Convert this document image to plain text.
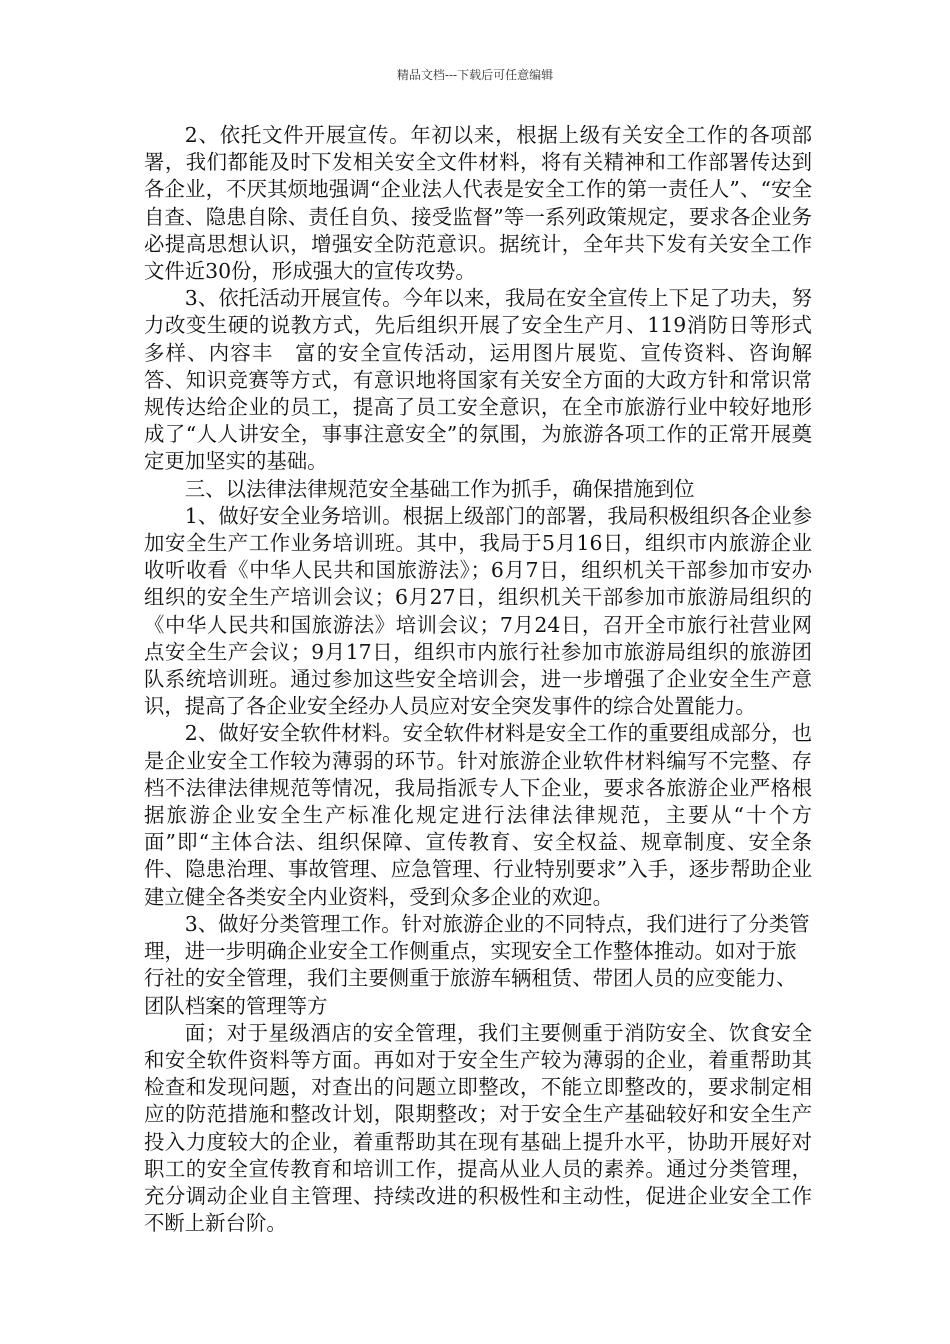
精品文档---下载后可任意编辑

2、依托文件开展宣传。年初以来，根据上级有关安全工作的各项部署，我们都能及时下发相关安全文件材料，将有关精神和工作部署传达到各企业，不厌其烦地强调“企业法人代表是安全工作的第一责任人”、“安全自查、隐患自除、责任自负、接受监督”等一系列政策规定，要求各企业务必提高思想认识，增强安全防范意识。据统计，全年共下发有关安全工作文件近30份，形成强大的宣传攻势。

3、依托活动开展宣传。今年以来，我局在安全宣传上下足了功夫，努力改变生硬的说教方式，先后组织开展了安全生产月、119消防日等形式多样、内容丰　富的安全宣传活动，运用图片展览、宣传资料、咨询解答、知识竞赛等方式，有意识地将国家有关安全方面的大政方针和常识常规传达给企业的员工，提高了员工安全意识，在全市旅游行业中较好地形成了“人人讲安全，事事注意安全”的氛围，为旅游各项工作的正常开展奠定更加坚实的基础。

三、以法律法律规范安全基础工作为抓手，确保措施到位

1、做好安全业务培训。根据上级部门的部署，我局积极组织各企业参加安全生产工作业务培训班。其中，我局于5月16日，组织市内旅游企业收听收看《中华人民共和国旅游法》；6月7日，组织机关干部参加市安办组织的安全生产培训会议；6月27日，组织机关干部参加市旅游局组织的《中华人民共和国旅游法》培训会议；7月24日，召开全市旅行社营业网点安全生产会议；9月17日，组织市内旅行社参加市旅游局组织的旅游团队系统培训班。通过参加这些安全培训会，进一步增强了企业安全生产意识，提高了各企业安全经办人员应对安全突发事件的综合处置能力。

2、做好安全软件材料。安全软件材料是安全工作的重要组成部分，也是企业安全工作较为薄弱的环节。针对旅游企业软件材料编写不完整、存档不法律法律规范等情况，我局指派专人下企业，要求各旅游企业严格根据旅游企业安全生产标准化规定进行法律法律规范，主要从“十个方面”即“主体合法、组织保障、宣传教育、安全权益、规章制度、安全条件、隐患治理、事故管理、应急管理、行业特别要求”入手，逐步帮助企业建立健全各类安全内业资料，受到众多企业的欢迎。

3、做好分类管理工作。针对旅游企业的不同特点，我们进行了分类管理，进一步明确企业安全工作侧重点，实现安全工作整体推动。如对于旅行社的安全管理，我们主要侧重于旅游车辆租赁、带团人员的应变能力、团队档案的管理等方

面；对于星级酒店的安全管理，我们主要侧重于消防安全、饮食安全和安全软件资料等方面。再如对于安全生产较为薄弱的企业，着重帮助其检查和发现问题，对查出的问题立即整改，不能立即整改的，要求制定相应的防范措施和整改计划，限期整改；对于安全生产基础较好和安全生产投入力度较大的企业，着重帮助其在现有基础上提升水平，协助开展好对职工的安全宣传教育和培训工作，提高从业人员的素养。通过分类管理，充分调动企业自主管理、持续改进的积极性和主动性，促进企业安全工作不断上新台阶。
